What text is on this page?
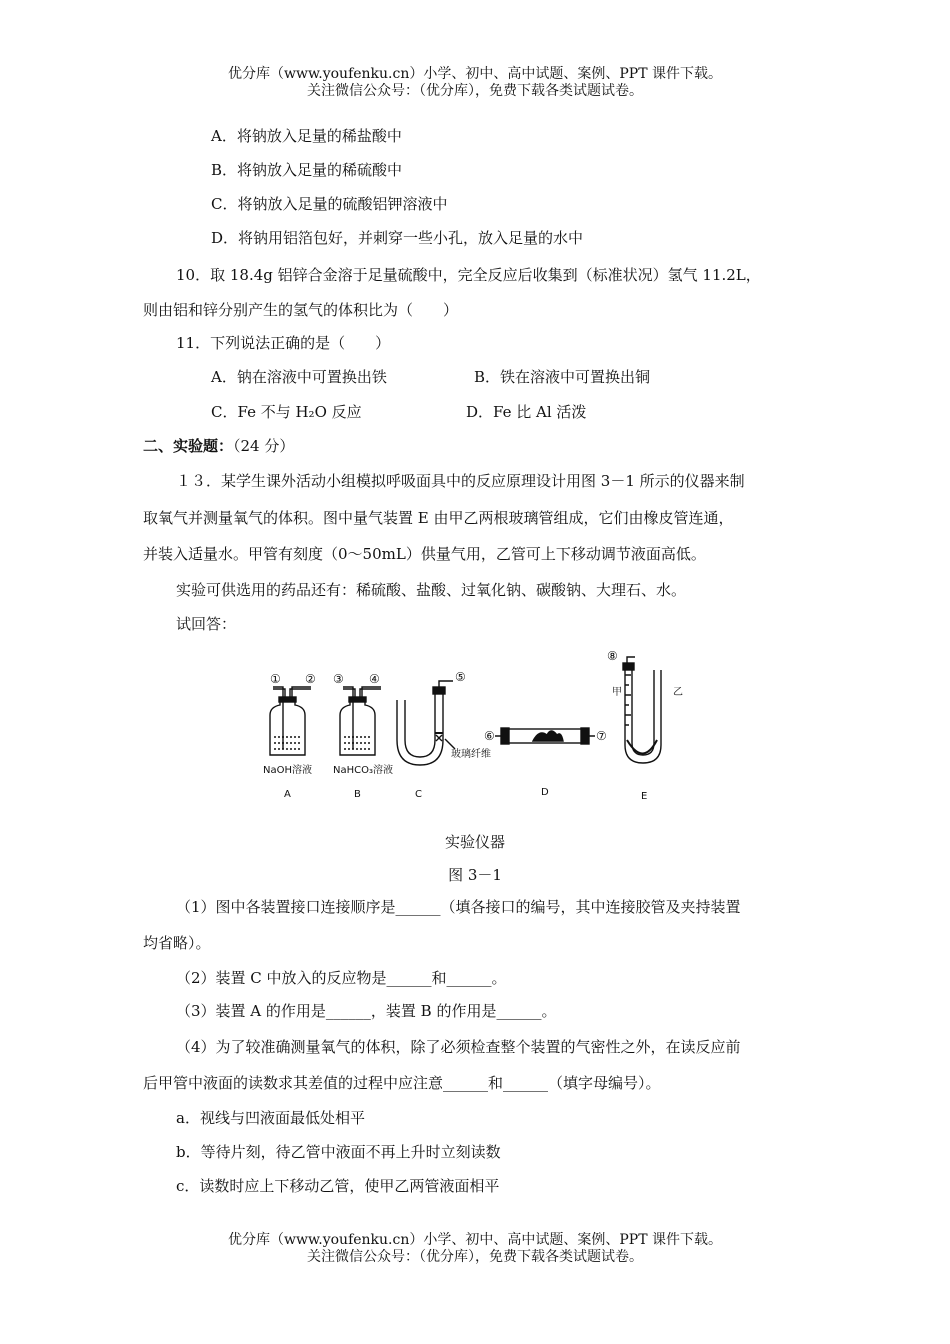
优分库（www.youfenku.cn）小学、初中、高中试题、案例、PPT 课件下载。
关注微信公众号：（优分库），免费下载各类试题试卷。
A．将钠放入足量的稀盐酸中
B．将钠放入足量的稀硫酸中
C．将钠放入足量的硫酸铝钾溶液中
D．将钠用铝箔包好，并刺穿一些小孔，放入足量的水中
10．取 18.4g 铝锌合金溶于足量硫酸中，完全反应后收集到（标准状况）氢气 11.2L，
则由铝和锌分别产生的氢气的体积比为（　　）
11．下列说法正确的是（　　）
A．钠在溶液中可置换出铁	B．铁在溶液中可置换出铜
C．Fe 不与 H₂O 反应	D．Fe 比 Al 活泼
二、实验题：（24 分）
１３．某学生课外活动小组模拟呼吸面具中的反应原理设计用图 3－1 所示的仪器来制
取氧气并测量氧气的体积。图中量气装置 E 由甲乙两根玻璃管组成，它们由橡皮管连通，
并装入适量水。甲管有刻度（0～50mL）供量气用，乙管可上下移动调节液面高低。
实验可供选用的药品还有：稀硫酸、盐酸、过氧化钠、碳酸钠、大理石、水。
试回答：
① ② ③ ④	⑤
⑥	⑦
⑧
NaOH溶液 NaHCO₃溶液
玻璃纤维
甲	乙
A	B	C	D	E
实验仪器
图 3－1
（1）图中各装置接口连接顺序是______（填各接口的编号，其中连接胶管及夹持装置
均省略）。
（2）装置 C 中放入的反应物是______和______。
（3）装置 A 的作用是______，装置 B 的作用是______。
（4）为了较准确测量氧气的体积，除了必须检查整个装置的气密性之外，在读反应前
后甲管中液面的读数求其差值的过程中应注意______和______（填字母编号）。
a．视线与凹液面最低处相平
b．等待片刻，待乙管中液面不再上升时立刻读数
c．读数时应上下移动乙管，使甲乙两管液面相平
优分库（www.youfenku.cn）小学、初中、高中试题、案例、PPT 课件下载。
关注微信公众号：（优分库），免费下载各类试题试卷。
